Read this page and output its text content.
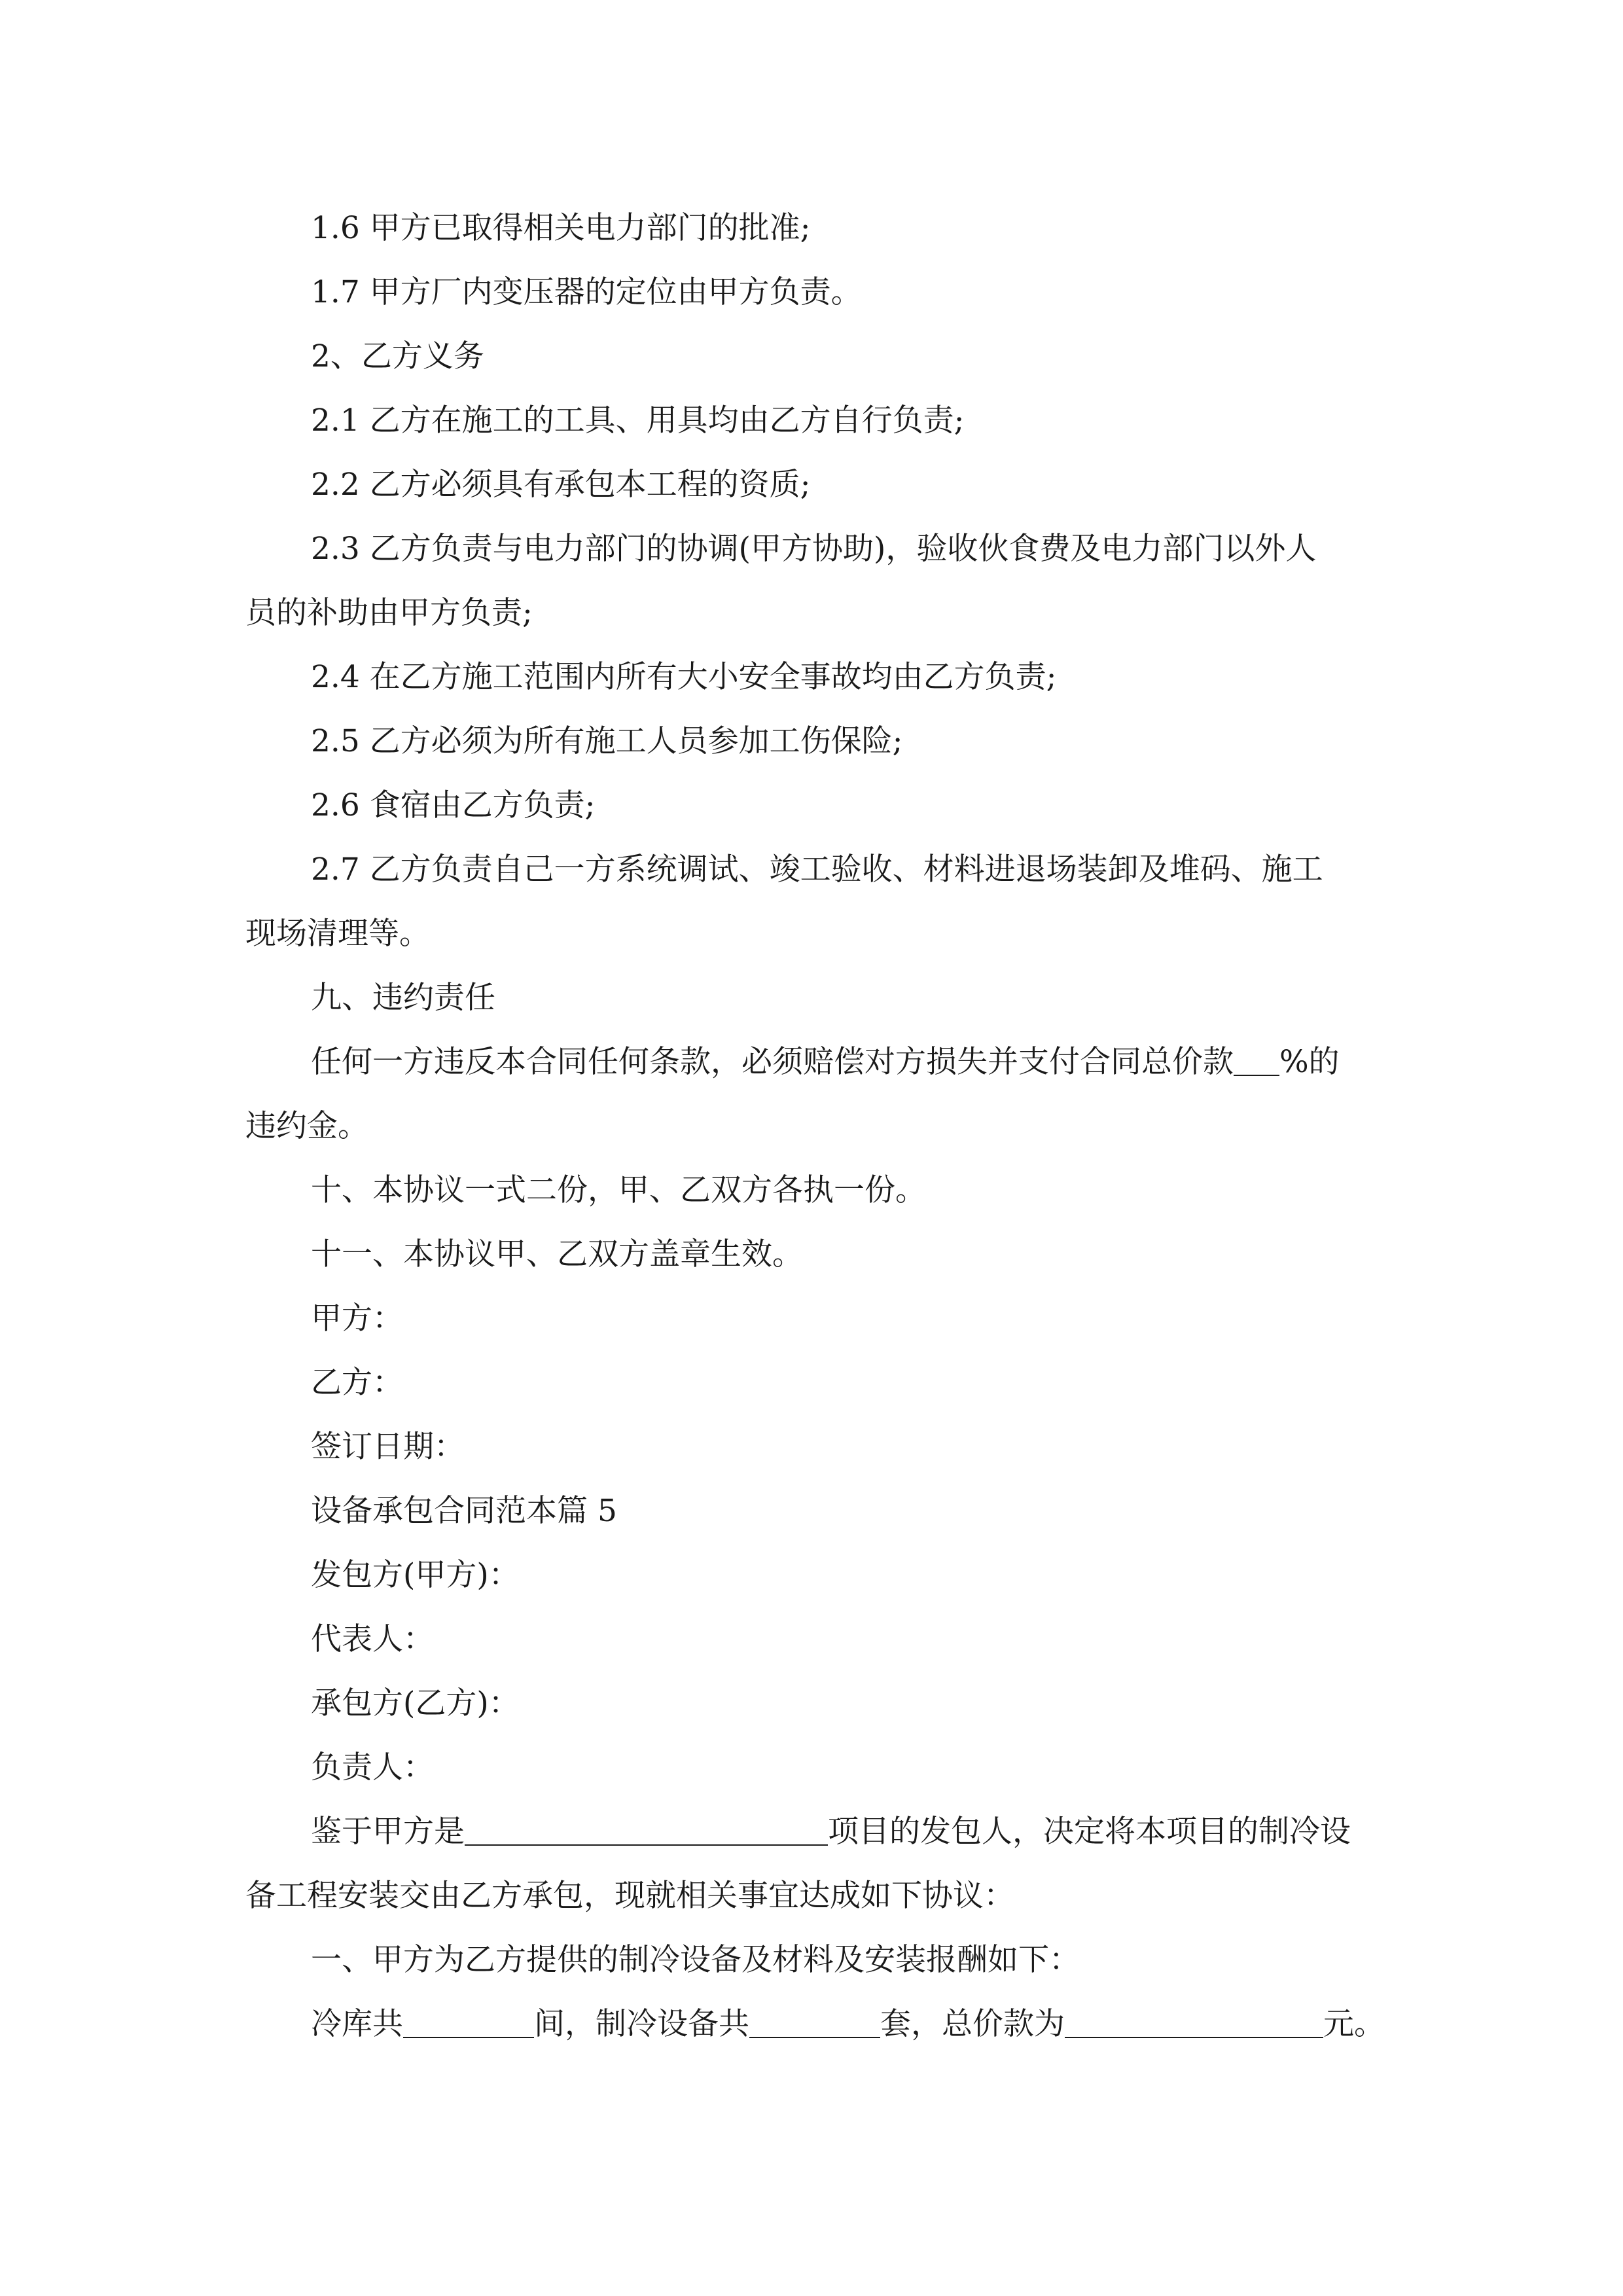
1.6 甲方已取得相关电力部门的批准;
1.7 甲方厂内变压器的定位由甲方负责。
2、乙方义务
2.1 乙方在施工的工具、用具均由乙方自行负责;
2.2 乙方必须具有承包本工程的资质;
2.3 乙方负责与电力部门的协调(甲方协助)，验收伙食费及电力部门以外人
员的补助由甲方负责;
2.4 在乙方施工范围内所有大小安全事故均由乙方负责;
2.5 乙方必须为所有施工人员参加工伤保险;
2.6 食宿由乙方负责;
2.7 乙方负责自己一方系统调试、竣工验收、材料进退场装卸及堆码、施工
现场清理等。
九、违约责任
任何一方违反本合同任何条款，必须赔偿对方损失并支付合同总价款 %的
违约金。
十、本协议一式二份，甲、乙双方各执一份。
十一、本协议甲、乙双方盖章生效。
甲方：
乙方：
签订日期：
设备承包合同范本篇 5
发包方(甲方)：
代表人：
承包方(乙方)：
负责人：
鉴于甲方是	项目的发包人，决定将本项目的制冷设
备工程安装交由乙方承包，现就相关事宜达成如下协议：
一、甲方为乙方提供的制冷设备及材料及安装报酬如下：
冷库共	间，制冷设备共	套，总价款为	元。
